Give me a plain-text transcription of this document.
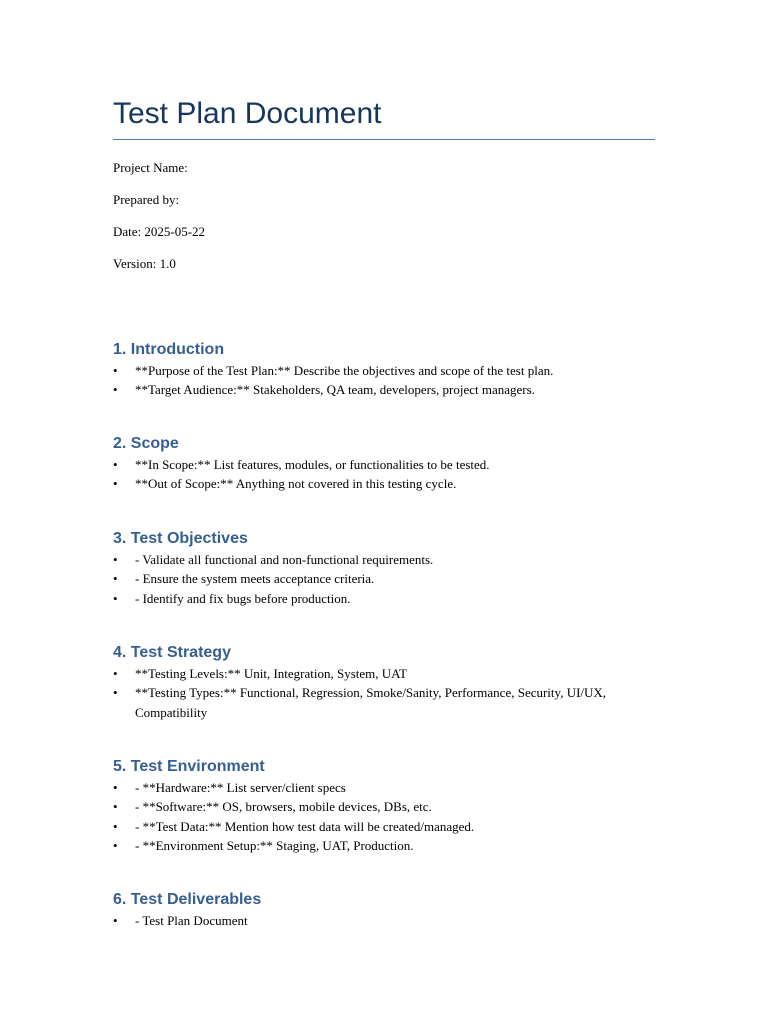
Test Plan Document

Project Name:

Prepared by:

Date: 2025-05-22

Version: 1.0

1. Introduction
• **Purpose of the Test Plan:** Describe the objectives and scope of the test plan.
• **Target Audience:** Stakeholders, QA team, developers, project managers.
2. Scope
• **In Scope:** List features, modules, or functionalities to be tested.
• **Out of Scope:** Anything not covered in this testing cycle.
3. Test Objectives
• - Validate all functional and non-functional requirements.
• - Ensure the system meets acceptance criteria.
• - Identify and fix bugs before production.
4. Test Strategy
• **Testing Levels:** Unit, Integration, System, UAT
• **Testing Types:** Functional, Regression, Smoke/Sanity, Performance, Security, UI/UX, Compatibility
5. Test Environment
• - **Hardware:** List server/client specs
• - **Software:** OS, browsers, mobile devices, DBs, etc.
• - **Test Data:** Mention how test data will be created/managed.
• - **Environment Setup:** Staging, UAT, Production.
6. Test Deliverables
• - Test Plan Document
